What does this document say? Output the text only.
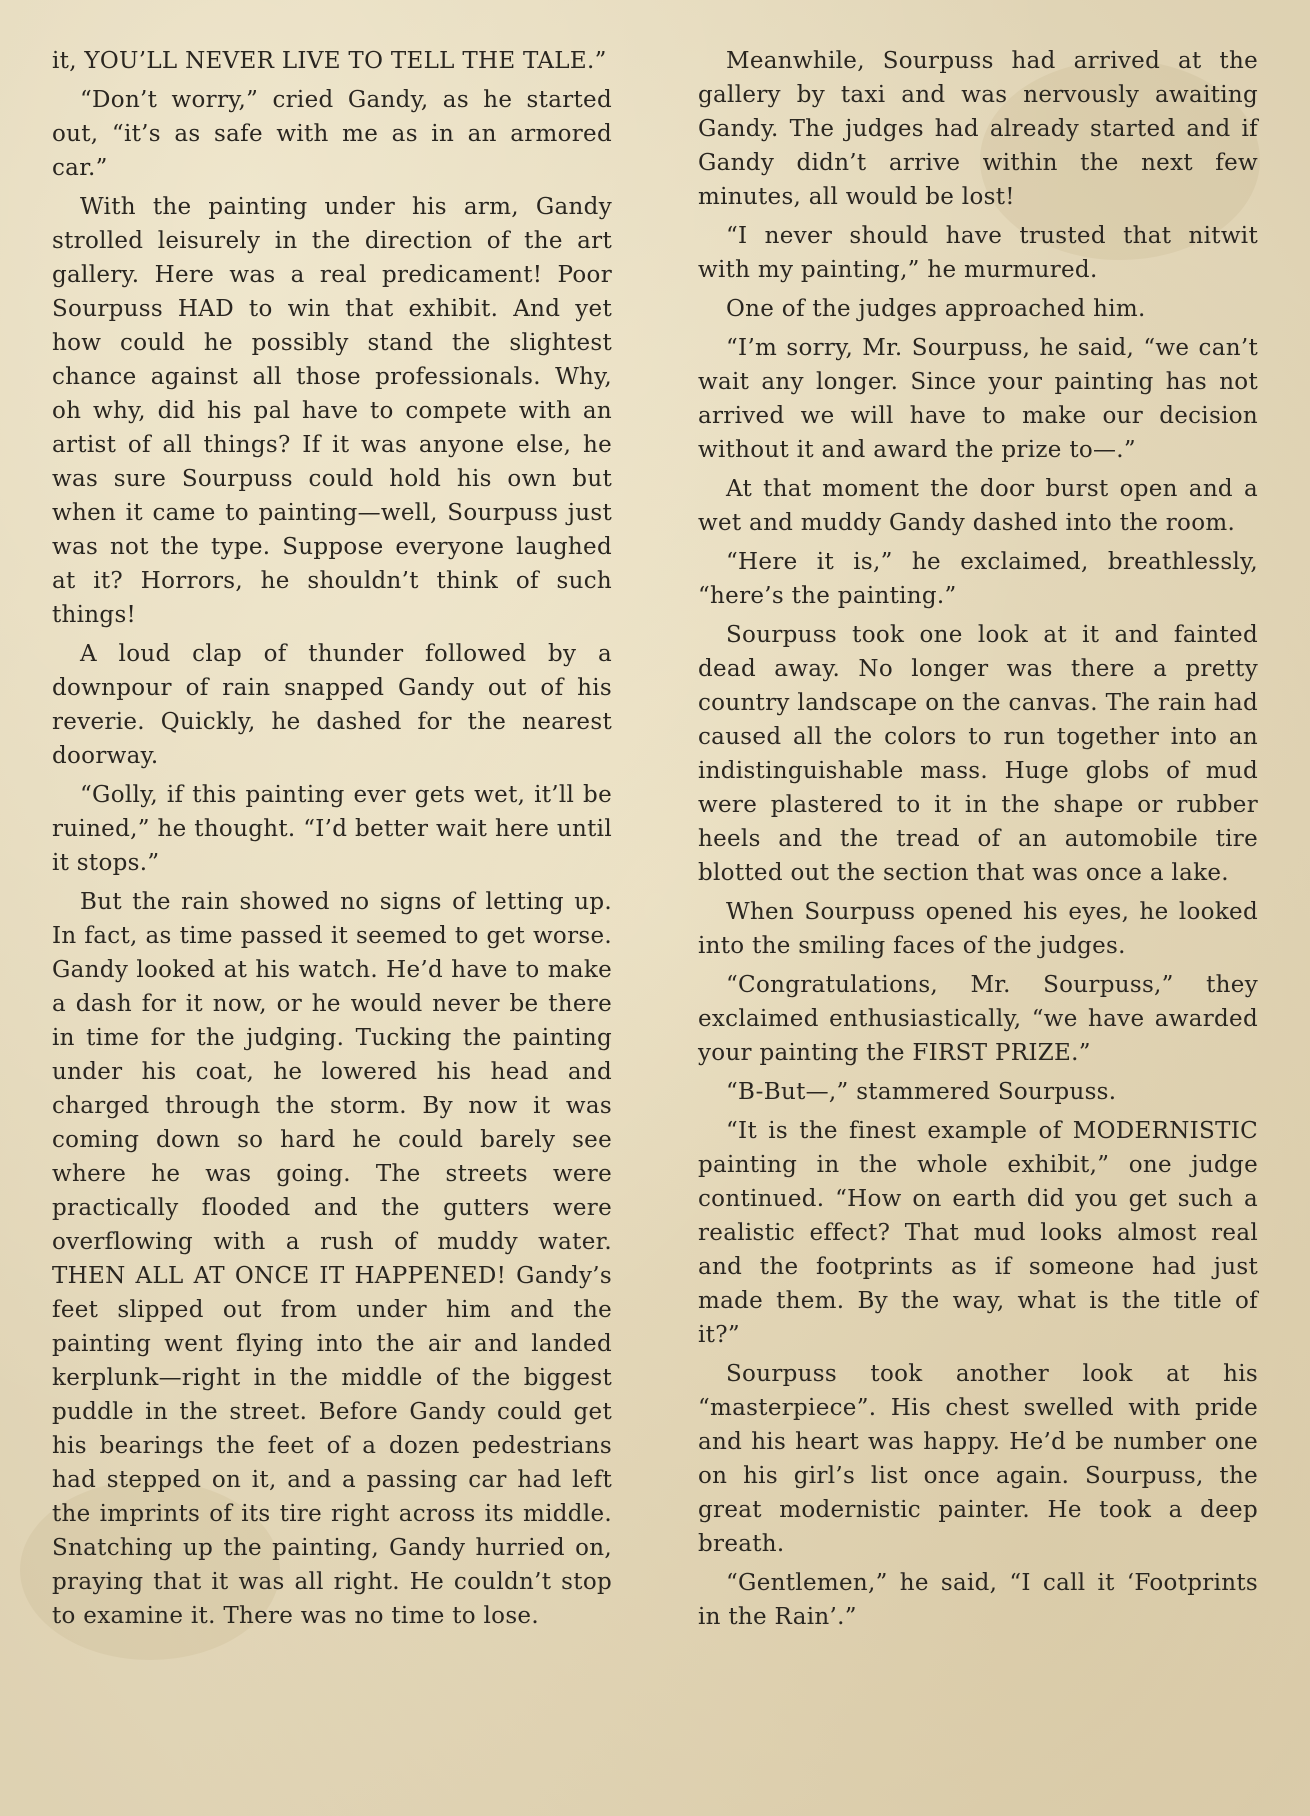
it, YOU’LL NEVER LIVE TO TELL THE TALE.”

“Don’t worry,” cried Gandy, as he started out, “it’s as safe with me as in an armored car.”

With the painting under his arm, Gandy strolled leisurely in the direction of the art gallery. Here was a real predicament! Poor Sourpuss HAD to win that exhibit. And yet how could he possibly stand the slightest chance against all those professionals. Why, oh why, did his pal have to compete with an artist of all things? If it was anyone else, he was sure Sourpuss could hold his own but when it came to painting—well, Sourpuss just was not the type. Suppose everyone laughed at it? Horrors, he shouldn’t think of such things!

A loud clap of thunder followed by a downpour of rain snapped Gandy out of his reverie. Quickly, he dashed for the nearest doorway.

“Golly, if this painting ever gets wet, it’ll be ruined,” he thought. “I’d better wait here until it stops.”

But the rain showed no signs of letting up. In fact, as time passed it seemed to get worse. Gandy looked at his watch. He’d have to make a dash for it now, or he would never be there in time for the judging. Tucking the painting under his coat, he lowered his head and charged through the storm. By now it was coming down so hard he could barely see where he was going. The streets were practically flooded and the gutters were overflowing with a rush of muddy water. THEN ALL AT ONCE IT HAPPENED! Gandy’s feet slipped out from under him and the painting went flying into the air and landed kerplunk—right in the middle of the biggest puddle in the street. Before Gandy could get his bearings the feet of a dozen pedestrians had stepped on it, and a passing car had left the imprints of its tire right across its middle. Snatching up the painting, Gandy hurried on, praying that it was all right. He couldn’t stop to examine it. There was no time to lose.

Meanwhile, Sourpuss had arrived at the gallery by taxi and was nervously awaiting Gandy. The judges had already started and if Gandy didn’t arrive within the next few minutes, all would be lost!

“I never should have trusted that nitwit with my painting,” he murmured.

One of the judges approached him.

“I’m sorry, Mr. Sourpuss, he said, “we can’t wait any longer. Since your painting has not arrived we will have to make our decision without it and award the prize to—.”

At that moment the door burst open and a wet and muddy Gandy dashed into the room.

“Here it is,” he exclaimed, breathlessly, “here’s the painting.”

Sourpuss took one look at it and fainted dead away. No longer was there a pretty country landscape on the canvas. The rain had caused all the colors to run together into an indistinguishable mass. Huge globs of mud were plastered to it in the shape or rubber heels and the tread of an automobile tire blotted out the section that was once a lake.

When Sourpuss opened his eyes, he looked into the smiling faces of the judges.

“Congratulations, Mr. Sourpuss,” they exclaimed enthusiastically, “we have awarded your painting the FIRST PRIZE.”

“B-But—,” stammered Sourpuss.

“It is the finest example of MODERNISTIC painting in the whole exhibit,” one judge continued. “How on earth did you get such a realistic effect? That mud looks almost real and the footprints as if someone had just made them. By the way, what is the title of it?”

Sourpuss took another look at his “masterpiece”. His chest swelled with pride and his heart was happy. He’d be number one on his girl’s list once again. Sourpuss, the great modernistic painter. He took a deep breath.

“Gentlemen,” he said, “I call it ‘Footprints in the Rain’.”
